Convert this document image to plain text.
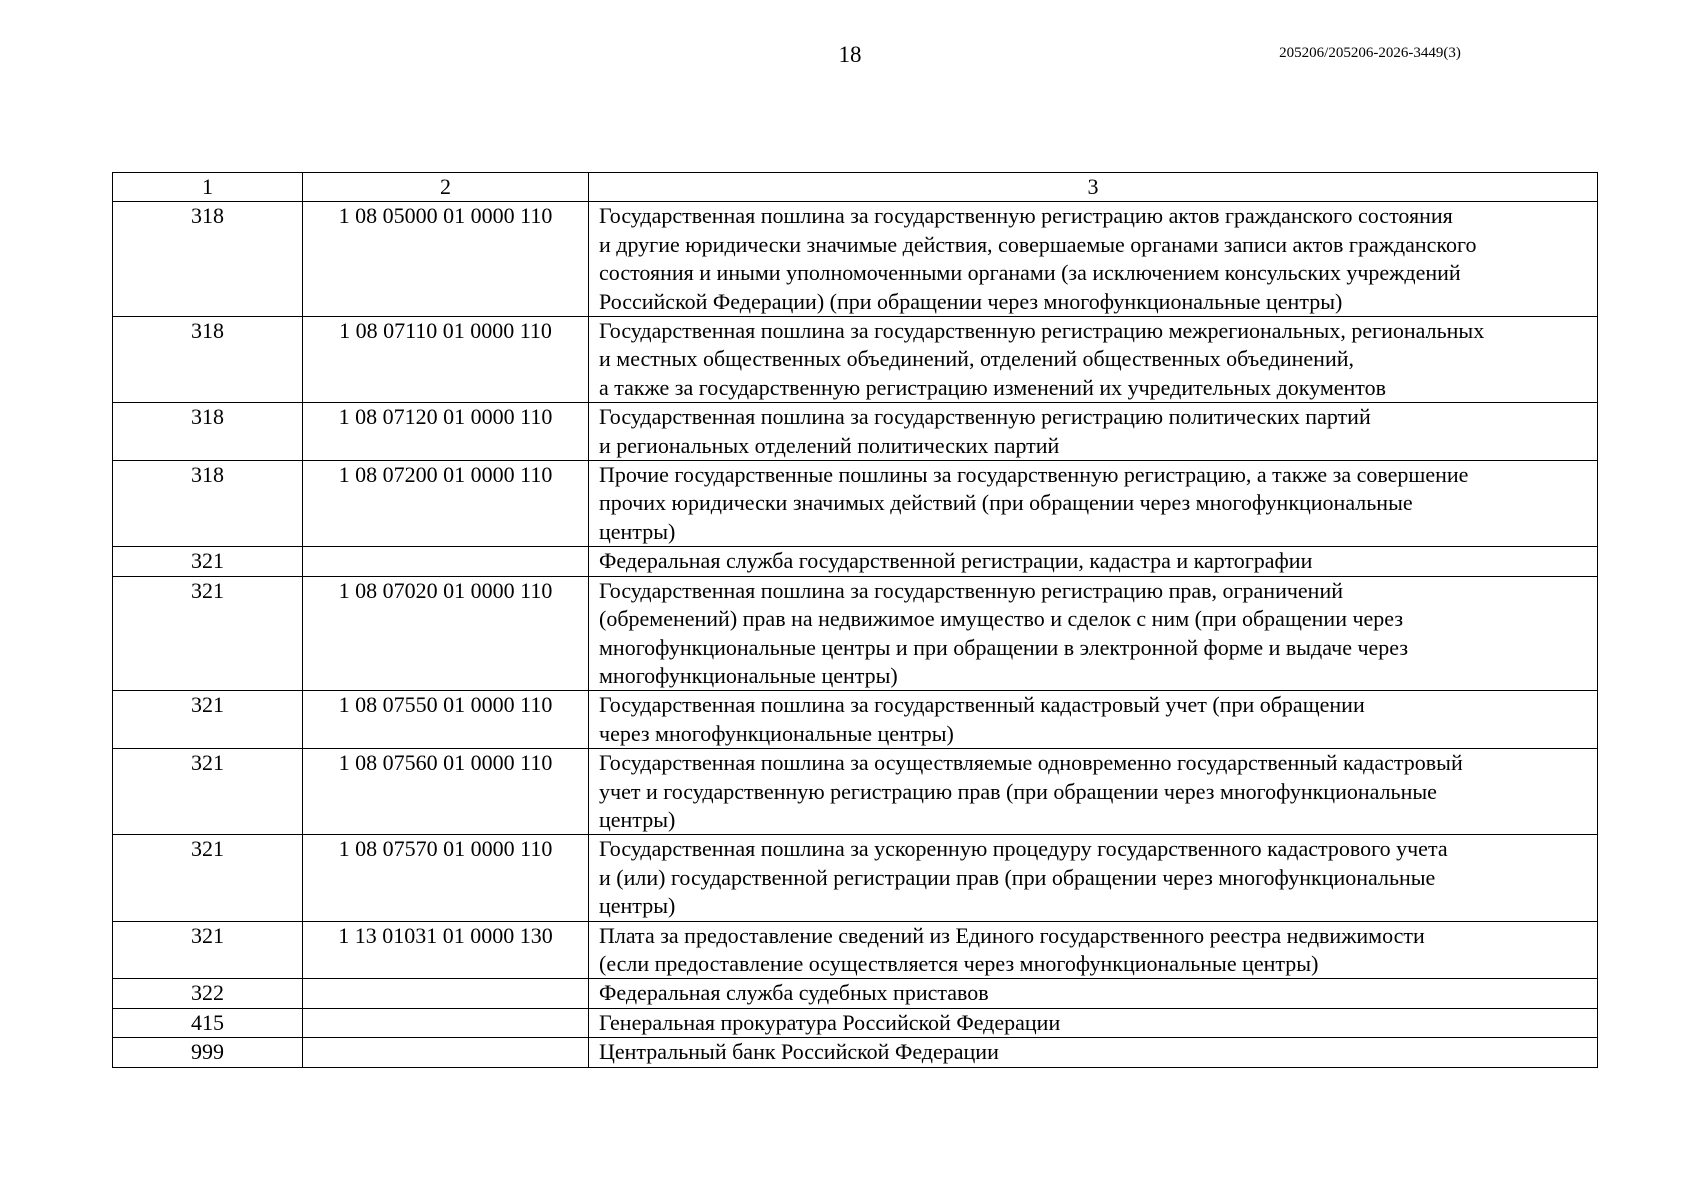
18	205206/205206-2026-3449(3)
1	2	3
318	1 08 05000 01 0000 110	Государственная пошлина за государственную регистрацию актов гражданского состояния
и другие юридически значимые действия, совершаемые органами записи актов гражданского
состояния и иными уполномоченными органами (за исключением консульских учреждений
Российской Федерации) (при обращении через многофункциональные центры)

318	1 08 07110 01 0000 110	Государственная пошлина за государственную регистрацию межрегиональных, региональных
и местных общественных объединений, отделений общественных объединений,
а также за государственную регистрацию изменений их учредительных документов

318	1 08 07120 01 0000 110	Государственная пошлина за государственную регистрацию политических партий
и региональных отделений политических партий

318	1 08 07200 01 0000 110	Прочие государственные пошлины за государственную регистрацию, а также за совершение
прочих юридически значимых действий (при обращении через многофункциональные
центры)

321		Федеральная служба государственной регистрации, кадастра и картографии

321	1 08 07020 01 0000 110	Государственная пошлина за государственную регистрацию прав, ограничений
(обременений) прав на недвижимое имущество и сделок с ним (при обращении через
многофункциональные центры и при обращении в электронной форме и выдаче через
многофункциональные центры)

321	1 08 07550 01 0000 110	Государственная пошлина за государственный кадастровый учет (при обращении
через многофункциональные центры)

321	1 08 07560 01 0000 110	Государственная пошлина за осуществляемые одновременно государственный кадастровый
учет и государственную регистрацию прав (при обращении через многофункциональные
центры)

321	1 08 07570 01 0000 110	Государственная пошлина за ускоренную процедуру государственного кадастрового учета
и (или) государственной регистрации прав (при обращении через многофункциональные
центры)

321	1 13 01031 01 0000 130	Плата за предоставление сведений из Единого государственного реестра недвижимости
(если предоставление осуществляется через многофункциональные центры)

322		Федеральная служба судебных приставов

415		Генеральная прокуратура Российской Федерации

999		Центральный банк Российской Федерации
